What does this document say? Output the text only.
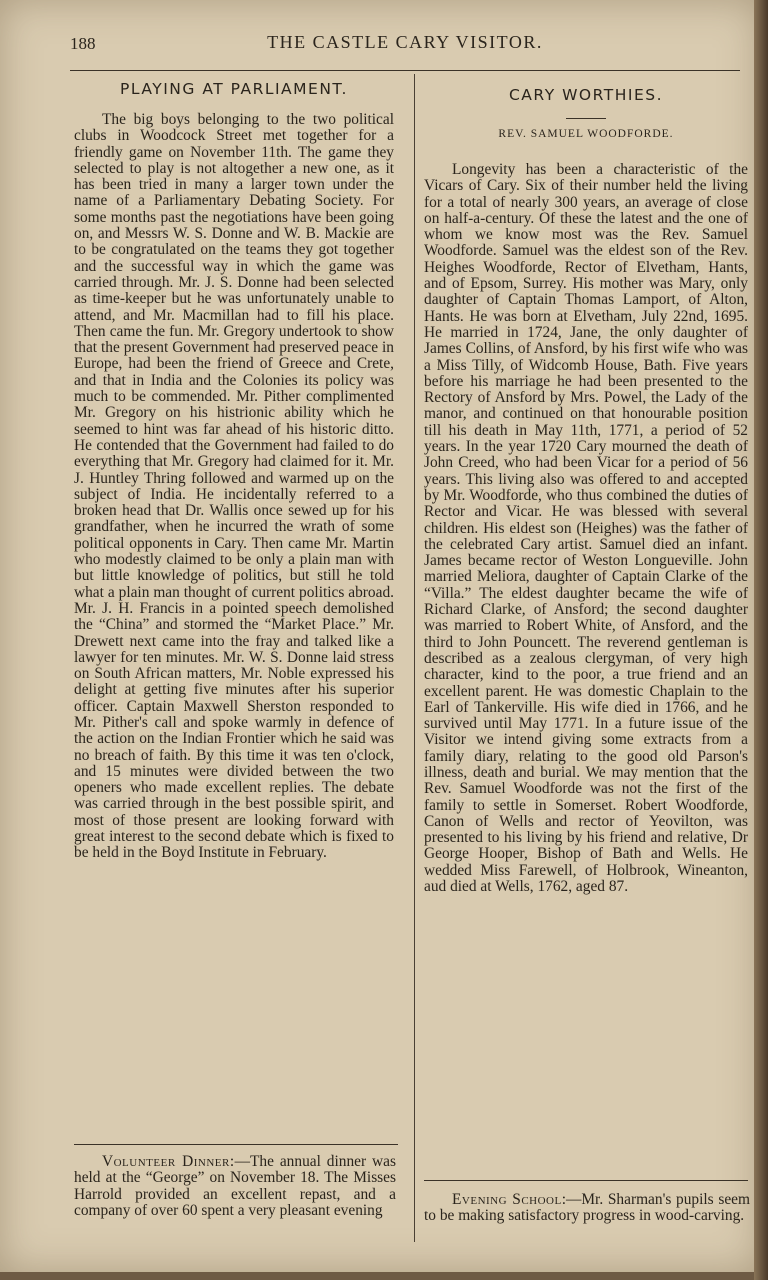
188	THE CASTLE CARY VISITOR.
PLAYING AT PARLIAMENT.

The big boys belonging to the two political clubs in Woodcock Street met together for a friendly game on November 11th. The game they selected to play is not altogether a new one, as it has been tried in many a larger town under the name of a Parliamentary Debating Society. For some months past the negotiations have been going on, and Messrs W. S. Donne and W. B. Mackie are to be congratulated on the teams they got together and the successful way in which the game was carried through. Mr. J. S. Donne had been selected as time-keeper but he was unfortunately unable to attend, and Mr. Macmillan had to fill his place. Then came the fun. Mr. Gregory undertook to show that the present Government had preserved peace in Europe, had been the friend of Greece and Crete, and that in India and the Colonies its policy was much to be commended. Mr. Pither complimented Mr. Gregory on his histrionic ability which he seemed to hint was far ahead of his historic ditto. He contended that the Government had failed to do everything that Mr. Gregory had claimed for it. Mr. J. Huntley Thring followed and warmed up on the subject of India. He incidentally referred to a broken head that Dr. Wallis once sewed up for his grandfather, when he incurred the wrath of some political opponents in Cary. Then came Mr. Martin who modestly claimed to be only a plain man with but little knowledge of politics, but still he told what a plain man thought of current politics abroad. Mr. J. H. Francis in a pointed speech demolished the “China” and stormed the “Market Place.” Mr. Drewett next came into the fray and talked like a lawyer for ten minutes. Mr. W. S. Donne laid stress on South African matters, Mr. Noble expressed his delight at getting five minutes after his superior officer. Captain Maxwell Sherston responded to Mr. Pither's call and spoke warmly in defence of the action on the Indian Frontier which he said was no breach of faith. By this time it was ten o'clock, and 15 minutes were divided between the two openers who made excellent replies. The debate was carried through in the best possible spirit, and most of those present are looking forward with great interest to the second debate which is fixed to be held in the Boyd Institute in February.

Volunteer Dinner:—The annual dinner was held at the “George” on November 18. The Misses Harrold provided an excellent repast, and a company of over 60 spent a very pleasant evening

CARY WORTHIES.
REV. SAMUEL WOODFORDE.

Longevity has been a characteristic of the Vicars of Cary. Six of their number held the living for a total of nearly 300 years, an average of close on half-a-century. Of these the latest and the one of whom we know most was the Rev. Samuel Woodforde. Samuel was the eldest son of the Rev. Heighes Woodforde, Rector of Elvetham, Hants, and of Epsom, Surrey. His mother was Mary, only daughter of Captain Thomas Lamport, of Alton, Hants. He was born at Elvetham, July 22nd, 1695. He married in 1724, Jane, the only daughter of James Collins, of Ansford, by his first wife who was a Miss Tilly, of Widcomb House, Bath. Five years before his marriage he had been presented to the Rectory of Ansford by Mrs. Powel, the Lady of the manor, and continued on that honourable position till his death in May 11th, 1771, a period of 52 years. In the year 1720 Cary mourned the death of John Creed, who had been Vicar for a period of 56 years. This living also was offered to and accepted by Mr. Woodforde, who thus combined the duties of Rector and Vicar. He was blessed with several children. His eldest son (Heighes) was the father of the celebrated Cary artist. Samuel died an infant. James became rector of Weston Longueville. John married Meliora, daughter of Captain Clarke of the “Villa.” The eldest daughter became the wife of Richard Clarke, of Ansford; the second daughter was married to Robert White, of Ansford, and the third to John Pouncett. The reverend gentleman is described as a zealous clergyman, of very high character, kind to the poor, a true friend and an excellent parent. He was domestic Chaplain to the Earl of Tankerville. His wife died in 1766, and he survived until May 1771. In a future issue of the Visitor we intend giving some extracts from a family diary, relating to the good old Parson's illness, death and burial. We may mention that the Rev. Samuel Woodforde was not the first of the family to settle in Somerset. Robert Woodforde, Canon of Wells and rector of Yeovilton, was presented to his living by his friend and relative, Dr George Hooper, Bishop of Bath and Wells. He wedded Miss Farewell, of Holbrook, Wineanton, aud died at Wells, 1762, aged 87.

Evening School:—Mr. Sharman's pupils seem to be making satisfactory progress in wood-carving.
